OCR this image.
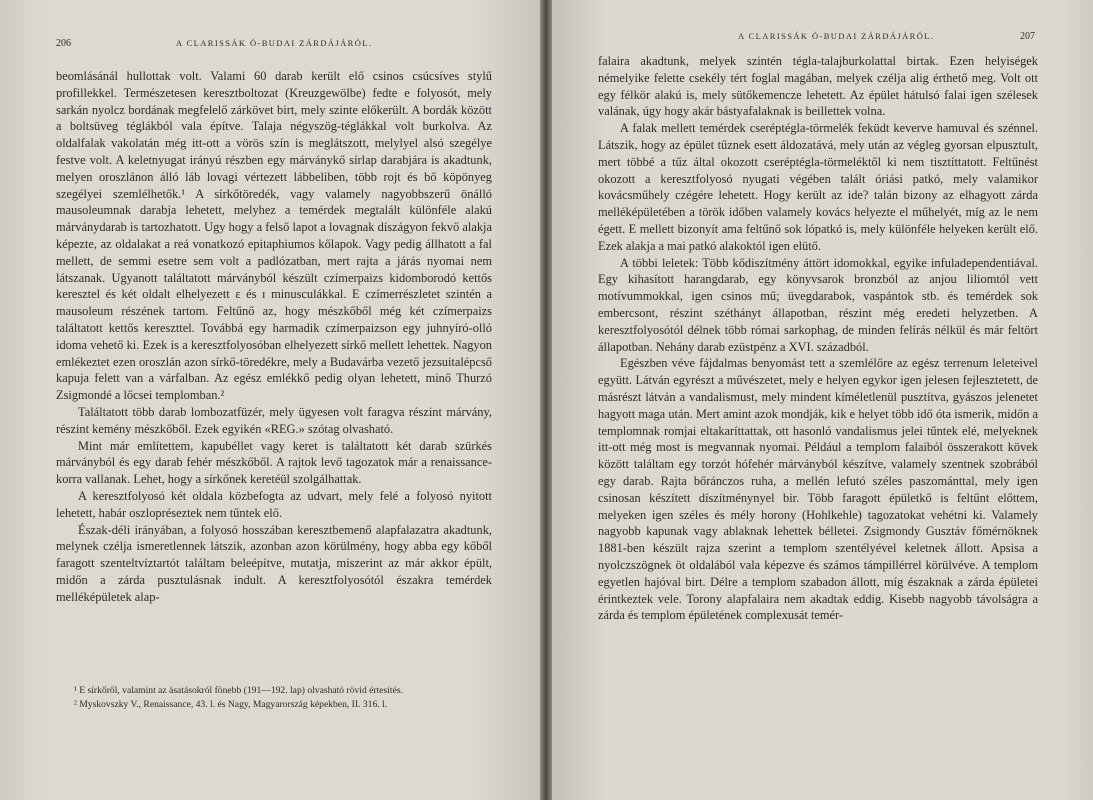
206	A CLARISSÁK Ó-BUDAI ZÁRDÁJÁRÓL.

beomlásánál hullottak volt. Valami 60 darab került elő csinos csúcsíves stylű profillekkel. Természetesen keresztboltozat (Kreuzgewölbe) fedte e folyosót, mely sarkán nyolcz bordának megfelelő zárkövet birt, mely szinte előkerült. A bordák között a boltsüveg téglákból vala építve. Talaja négyszög-téglákkal volt burkolva. Az oldalfalak vakolatán még itt-ott a vörös szín is meglátszott, melylyel alsó szegélye festve volt. A keletnyugat irányú részben egy márványkő sírlap darabjára is akadtunk, melyen oroszlánon álló láb lovagi vértezett lábbeliben, több rojt és bő köpönyeg szegélyei szemlélhetők.¹ A sírkőtöredék, vagy valamely nagyobbszerű önálló mausoleumnak darabja lehetett, melyhez a temérdek megtalált különféle alakú márványdarab is tartozhatott. Ugy hogy a felső lapot a lovagnak díszágyon fekvő alakja képezte, az oldalakat a reá vonatkozó epitaphiumos kőlapok. Vagy pedig állhatott a fal mellett, de semmi esetre sem volt a padlózatban, mert rajta a járás nyomai nem látszanak. Ugyanott találtatott márványból készült czímerpaizs kidomborodó kettős keresztel és két oldalt elhelyezett ɛ és ɪ minusculákkal. E czímerrészletet szintén a mausoleum részének tartom. Feltűnő az, hogy mészkőből még két czímerpaizs találtatott kettős kereszttel. Továbbá egy harmadik czímerpaizson egy juhnyíró-olló idoma vehető ki. Ezek is a keresztfolyosóban elhelyezett sírkő mellett lehettek. Nagyon emlékeztet ezen oroszlán azon sírkő-töredékre, mely a Budavárba vezető jezsuitalépcső kapuja felett van a várfalban. Az egész emlékkő pedig olyan lehetett, minő Thurzó Zsigmondé a lőcsei templomban.²

Találtatott több darab lombozatfüzér, mely ügyesen volt faragva részint márvány, részint kemény mészkőből. Ezek egyikén «REG.» szótag olvasható.

Mint már említettem, kapubéllet vagy keret is találtatott két darab szürkés márványból és egy darab fehér mészkőből. A rajtok levő tagozatok már a renaissance-korra vallanak. Lehet, hogy a sírkőnek keretéül szolgálhattak.

A keresztfolyosó két oldala közbefogta az udvart, mely felé a folyosó nyitott lehetett, habár oszlopréseztek nem tűntek elő.

Észak-déli irányában, a folyosó hosszában keresztbemenő alapfalazatra akadtunk, melynek czélja ismeretlennek látszik, azonban azon körülmény, hogy abba egy kőből faragott szenteltvíztartót találtam beleépítve, mutatja, miszerint az már akkor épült, midőn a zárda pusztulásnak indult. A keresztfolyosótól északra temérdek melléképületek alap-

¹ E sírkőről, valamint az ásatásokról fönebb (191—192. lap) olvasható rövid értesítés.

² Myskovszky V., Renaissance, 43. l. és Nagy, Magyarország képekben, II. 316. l.

A CLARISSÁK Ó-BUDAI ZÁRDÁJÁRÓL.	207

falaira akadtunk, melyek szintén tégla-talajburkolattal birtak. Ezen helyiségek némelyike felette csekély tért foglal magában, melyek czélja alig érthető meg. Volt ott egy félkör alakú is, mely sütőkemencze lehetett. Az épület hátulsó falai igen szélesek valának, úgy hogy akár bástyafalaknak is beillettek volna.

A falak mellett temérdek cseréptégla-törmelék feküdt keverve hamuval és szénnel. Látszik, hogy az épület tűznek esett áldozatává, mely után az végleg gyorsan elpusztult, mert többé a tűz által okozott cseréptégla-törmeléktől ki nem tisztíttatott. Feltűnést okozott a keresztfolyosó nyugati végében talált óriási patkó, mely valamikor kovácsműhely czégére lehetett. Hogy került az ide? talán bizony az elhagyott zárda melléképületében a török időben valamely kovács helyezte el műhelyét, míg az le nem égett. E mellett bizonyít ama feltűnő sok lópatkó is, mely különféle helyeken került elő. Ezek alakja a mai patkó alakoktól igen elütő.

A többi leletek: Több kődiszítmény áttört idomokkal, egyike infuladependentiával. Egy kihasított harangdarab, egy könyvsarok bronzból az anjou liliomtól vett motívummokkal, igen csinos mű; üvegdarabok, vaspántok stb. és temérdek sok embercsont, részint széthányt állapotban, részint még eredeti helyzetben. A keresztfolyosótól délnek több római sarkophag, de minden felírás nélkül és már feltört állapotban. Nehány darab ezüstpénz a XVI. századból.

Egészben véve fájdalmas benyomást tett a szemlélőre az egész terrenum leleteivel együtt. Látván egyrészt a művészetet, mely e helyen egykor igen jelesen fejlesztetett, de másrészt látván a vandalismust, mely mindent kíméletlenül pusztítva, gyászos jelenetet hagyott maga után. Mert amint azok mondják, kik e helyet több idő óta ismerik, midőn a templomnak romjai eltakaríttattak, ott hasonló vandalismus jelei tűntek elé, melyeknek itt-ott még most is megvannak nyomai. Például a templom falaiból összerakott kövek között találtam egy torzót hófehér márványból készítve, valamely szentnek szobrából egy darab. Rajta bőránczos ruha, a mellén lefutó széles paszománttal, mely igen csinosan készített díszítménynyel bir. Több faragott épületkő is feltűnt előttem, melyeken igen széles és mély horony (Hohlkehle) tagozatokat vehétni ki. Valamely nagyobb kapunak vagy ablaknak lehettek bélletei. Zsigmondy Gusztáv főmérnöknek 1881-ben készült rajza szerint a templom szentélyével keletnek állott. Apsisa a nyolczszögnek öt oldalából vala képezve és számos támpillérrel körülvéve. A templom egyetlen hajóval birt. Délre a templom szabadon állott, míg északnak a zárda épületei érintkeztek vele. Torony alapfalaira nem akadtak eddig. Kisebb nagyobb távolságra a zárda és templom épületének complexusát temér-
